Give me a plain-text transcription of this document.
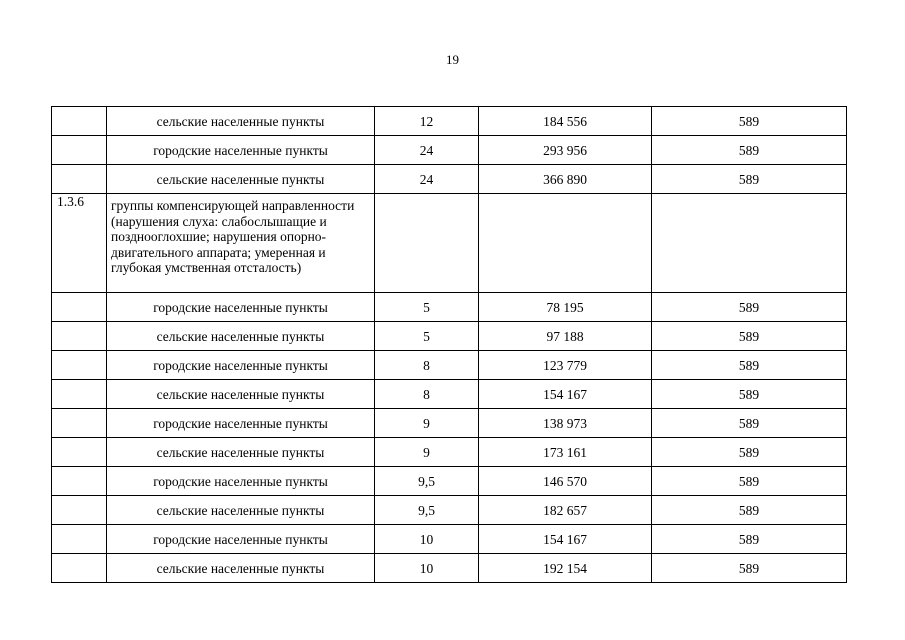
19
	сельские населенные пункты	12	184 556	589
	городские населенные пункты	24	293 956	589
	сельские населенные пункты	24	366 890	589
1.3.6	группы компенсирующей направленности (нарушения слуха: слабослышащие и позднооглохшие; нарушения опорно-двигательного аппарата; умеренная и глубокая умственная отсталость)			
	городские населенные пункты	5	78 195	589
	сельские населенные пункты	5	97 188	589
	городские населенные пункты	8	123 779	589
	сельские населенные пункты	8	154 167	589
	городские населенные пункты	9	138 973	589
	сельские населенные пункты	9	173 161	589
	городские населенные пункты	9,5	146 570	589
	сельские населенные пункты	9,5	182 657	589
	городские населенные пункты	10	154 167	589
	сельские населенные пункты	10	192 154	589
